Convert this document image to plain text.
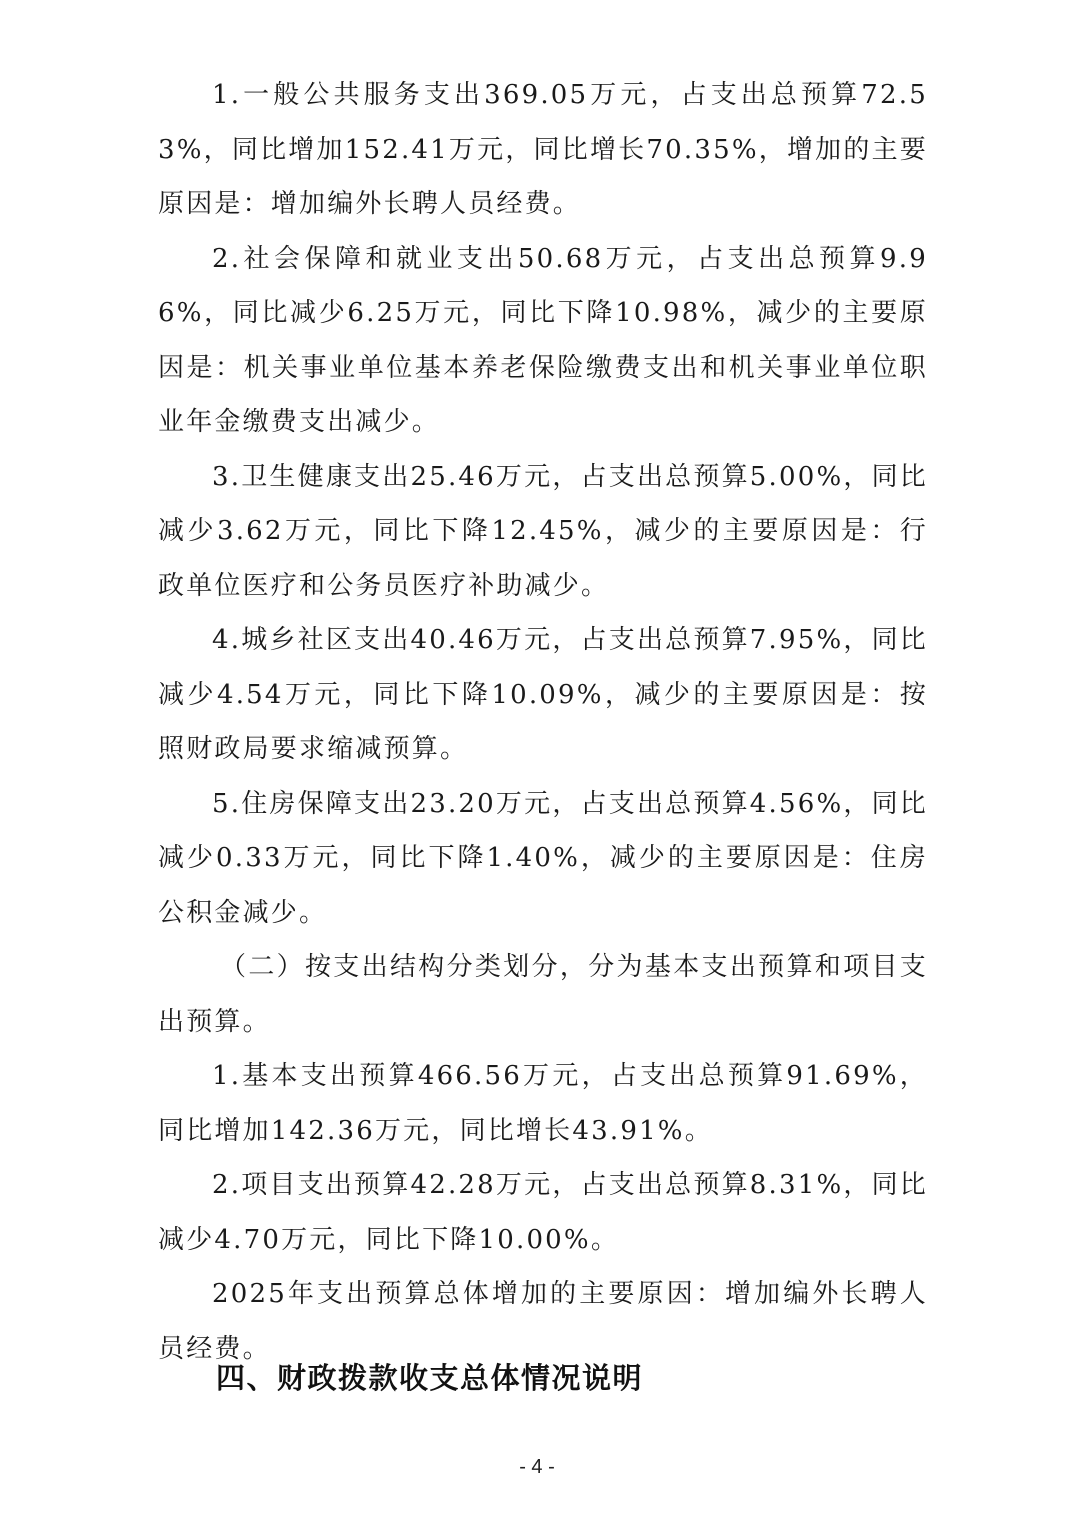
1.一般公共服务支出369.05万元，占支出总预算72.53%，同比增加152.41万元，同比增长70.35%，增加的主要原因是：增加编外长聘人员经费。

2.社会保障和就业支出50.68万元，占支出总预算9.96%，同比减少6.25万元，同比下降10.98%，减少的主要原因是：机关事业单位基本养老保险缴费支出和机关事业单位职业年金缴费支出减少。

3.卫生健康支出25.46万元，占支出总预算5.00%，同比减少3.62万元，同比下降12.45%，减少的主要原因是：行政单位医疗和公务员医疗补助减少。

4.城乡社区支出40.46万元，占支出总预算7.95%，同比减少4.54万元，同比下降10.09%，减少的主要原因是：按照财政局要求缩减预算。

5.住房保障支出23.20万元，占支出总预算4.56%，同比减少0.33万元，同比下降1.40%，减少的主要原因是：住房公积金减少。

（二）按支出结构分类划分，分为基本支出预算和项目支出预算。

1.基本支出预算466.56万元，占支出总预算91.69%，同比增加142.36万元，同比增长43.91%。

2.项目支出预算42.28万元，占支出总预算8.31%，同比减少4.70万元，同比下降10.00%。

2025年支出预算总体增加的主要原因：增加编外长聘人员经费。

四、财政拨款收支总体情况说明
- 4 -
